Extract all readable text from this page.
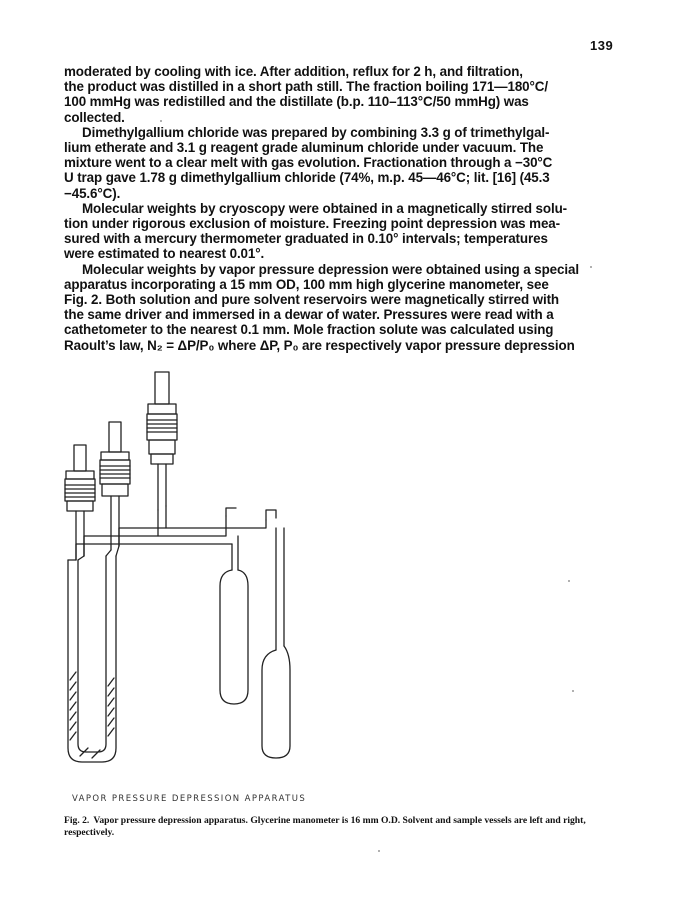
139

moderated by cooling with ice. After addition, reflux for 2 h, and filtration,
the product was distilled in a short path still. The fraction boiling 171—180°C/
100 mmHg was redistilled and the distillate (b.p. 110–113°C/50 mmHg) was
collected.

Dimethylgallium chloride was prepared by combining 3.3 g of trimethylgal-
lium etherate and 3.1 g reagent grade aluminum chloride under vacuum. The
mixture went to a clear melt with gas evolution. Fractionation through a −30°C
U trap gave 1.78 g dimethylgallium chloride (74%, m.p. 45—46°C; lit. [16] (45.3
−45.6°C).

Molecular weights by cryoscopy were obtained in a magnetically stirred solu-
tion under rigorous exclusion of moisture. Freezing point depression was mea-
sured with a mercury thermometer graduated in 0.10° intervals; temperatures
were estimated to nearest 0.01°.

Molecular weights by vapor pressure depression were obtained using a special
apparatus incorporating a 15 mm OD, 100 mm high glycerine manometer, see
Fig. 2. Both solution and pure solvent reservoirs were magnetically stirred with
the same driver and immersed in a dewar of water. Pressures were read with a
cathetometer to the nearest 0.1 mm. Mole fraction solute was calculated using
Raoult’s law, N₂ = ΔP/P₀ where ΔP, P₀ are respectively vapor pressure depression

VAPOR PRESSURE DEPRESSION APPARATUS
Fig. 2. Vapor pressure depression apparatus. Glycerine manometer is 16 mm O.D. Solvent and sample vessels are left and right, respectively.
